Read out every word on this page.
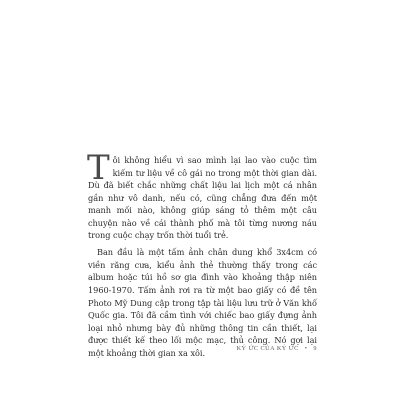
Tôi không hiểu vì sao mình lại lao vào cuộc tìm kiếm tư liệu về cô gái no trong một thời gian dài. Dù đã biết chắc những chất liệu lai lịch một cá nhân gần như vô danh, nếu có, cũng chẳng đưa đến một manh mối nào, không giúp sáng tỏ thêm một câu chuyện nào về cái thành phố mà tôi từng nương náu trong cuộc chạy trốn thời tuổi trẻ.

Ban đầu là một tấm ảnh chân dung khổ 3x4cm có viền răng cưa, kiểu ảnh thẻ thường thấy trong các album hoặc túi hồ sơ gia đình vào khoảng thập niên 1960-1970. Tấm ảnh rơi ra từ một bao giấy có đề tên Photo Mỹ Dung cập trong tập tài liệu lưu trữ ở Văn khố Quốc gia. Tôi đã cầm tình với chiếc bao giấy đựng ảnh loại nhỏ nhưng bày đủ những thông tin cần thiết, lại được thiết kế theo lối mộc mạc, thủ công. Nó gợi lại một khoảng thời gian xa xôi.	KÝ ỨC CỦA KÝ ỨC • 9
